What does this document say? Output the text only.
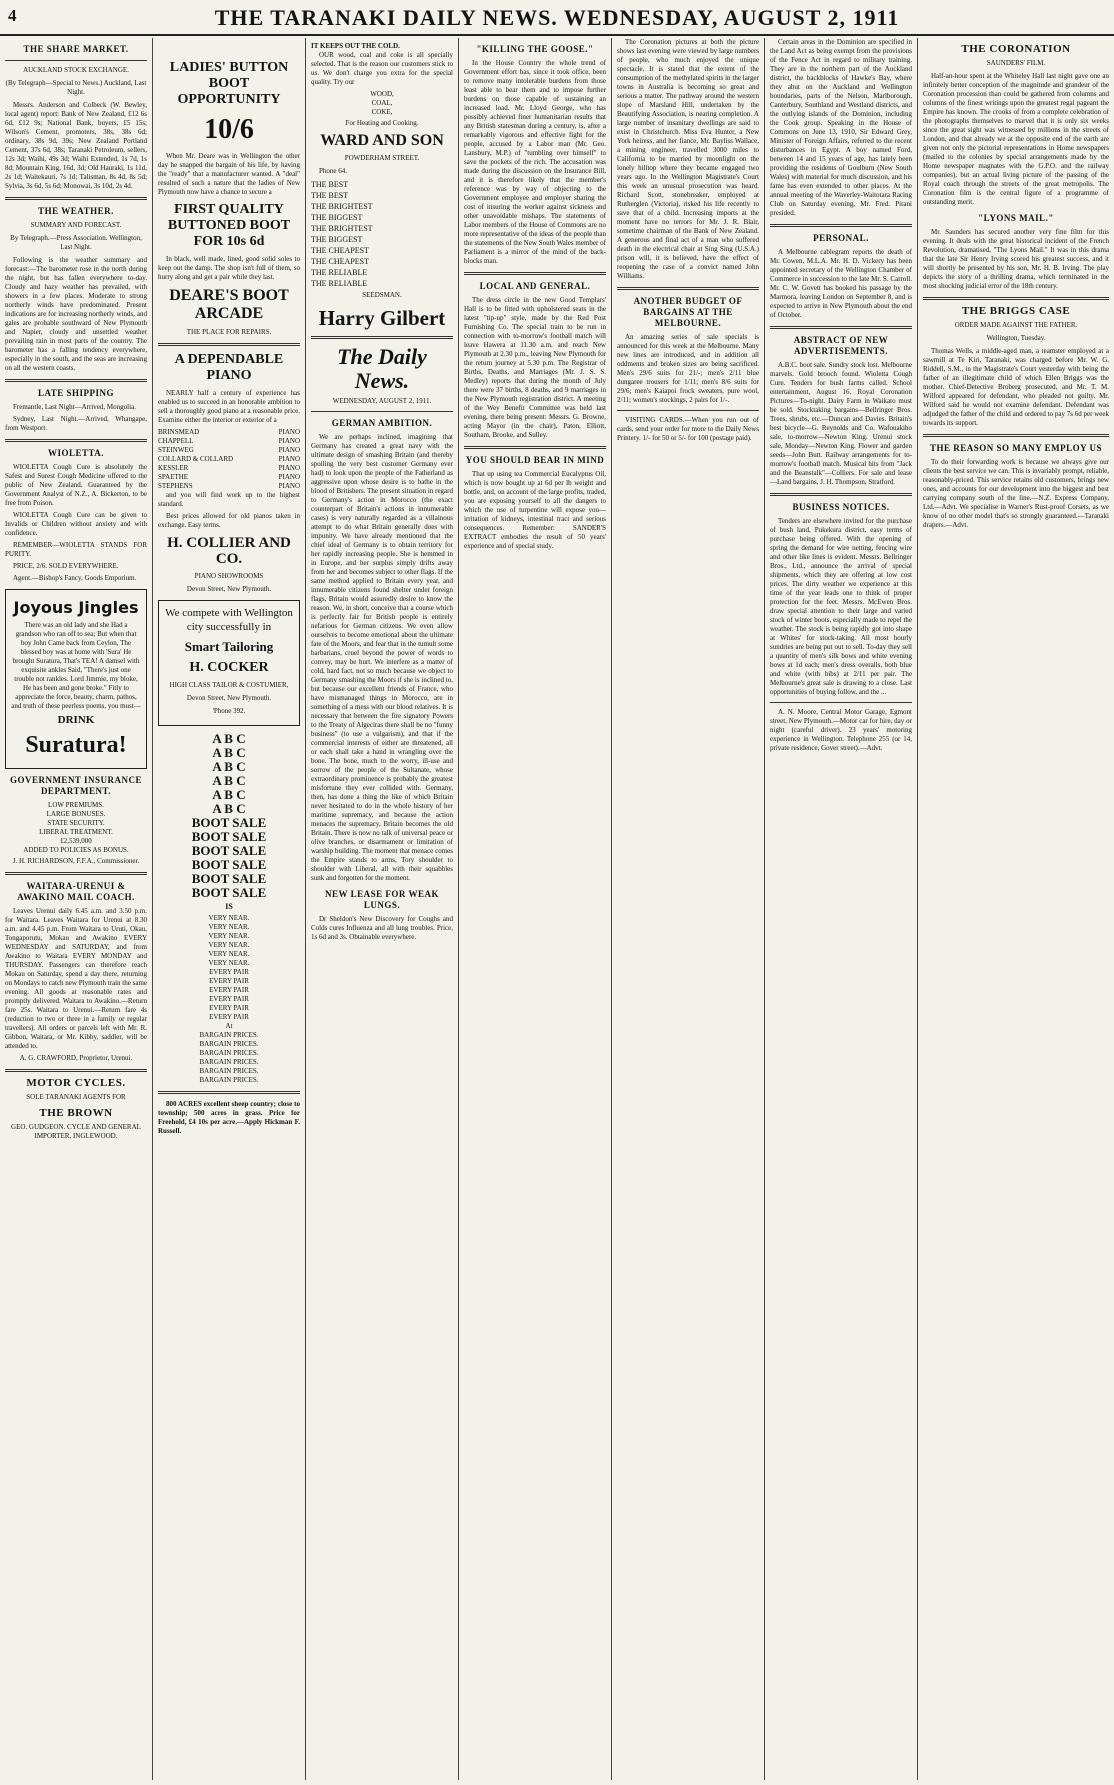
4	THE TARANAKI DAILY NEWS. WEDNESDAY, AUGUST 2, 1911
THE SHARE MARKET.
AUCKLAND STOCK EXCHANGE.
(By Telegraph—Special to News.) Auckland, Last Night.

Messrs. Anderson and Colbeck (W. Bewley, local agent) report: Bank of New Zealand, £12 6s 6d, £12 9s; National Bank, buyers, £5 15s; Wilson's Cement, promoters, 38s, 38s 6d; ordinary, 38s 9d, 39s; New Zealand Portland Cement, 37s 6d, 38s; Taranaki Petroleum, sellers, 12s 3d; Waihi, 49s 3d; Waihi Extended, 1s 7d, 1s 8d; Mountain King, 16d, 3d; Old Hauraki, 1s 11d, 2s 1d; Waitekauri, 7s 1d; Talisman, 8s 4d, 8s 5d; Sylvia, 3s 6d, 5s 6d; Monowai, 3s 10d, 2s 4d.

THE WEATHER.
SUMMARY AND FORECAST.
By Telegraph.—Press Association. Wellington, Last Night.

Following is the weather summary and forecast:—The barometer rose in the north during the night, but has fallen everywhere to-day. Cloudy and hazy weather has prevailed, with showers in a few places. Moderate to strong northerly winds have predominated. Present indications are for increasing northerly winds, and gales are probable southward of New Plymouth and Napier, cloudy and unsettled weather prevailing rain in most parts of the country. The barometer has a falling tendency everywhere, especially in the south, and the seas are increasing on all the western coasts.

LATE SHIPPING

Fremantle, Last Night—Arrived, Mongolia.

Sydney, Last Night.—Arrived, Whangape, from Westport.

WIOLETTA.

WIOLETTA Cough Cure is absolutely the Safest and Surest Cough Medicine offered to the public of New Zealand. Guaranteed by the Government Analyst of N.Z., A. Bickerton, to be free from Poison.

WIOLETTA Cough Cure can be given to Invalids or Children without anxiety and with confidence.

REMEMBER—WIOLETTA STANDS FOR PURITY.

PRICE, 2/6. SOLD EVERYWHERE.

Agent.—Bishop's Fancy, Goods Emporium.

Joyous Jingles

There was an old lady and she Had a grandson who ran off to sea; But when that boy John Came back from Ceylon, The blessed boy was at home with 'Sura' He brought Suratura, That's TEA! A damsel with exquisite ankles Said, "There's just one trouble not rankles. Lord Jimmie, my bloke, He has been and gone broke." Fitly to appreciate the force, beauty, charm, pathos, and truth of these peerless poems, you must—

DRINK
Suratura!
GOVERNMENT INSURANCE DEPARTMENT.
LOW PREMIUMS.
LARGE BONUSES.
STATE SECURITY.
LIBERAL TREATMENT.
£2,539,000
ADDED TO POLICIES AS BONUS.
J. H. RICHARDSON, F.F.A., Commissioner.
WAITARA-URENUI & AWAKINO MAIL COACH.

Leaves Urenui daily 6.45 a.m. and 3.50 p.m. for Waitara. Leaves Waitara for Urenui at 8.30 a.m. and 4.45 p.m. From Waitara to Uruti, Okau, Tongaporutu, Mokau and Awakino EVERY WEDNESDAY and SATURDAY, and from Awakino to Waitara EVERY MONDAY and THURSDAY. Passengers can therefore reach Mokau on Saturday, spend a day there, returning on Mondays to catch new Plymouth train the same evening. All goods at reasonable rates and promptly delivered. Waitara to Awakino.—Return fare 25s. Waitara to Urenui.—Return fare 4s (reduction to two or three in a family or regular travellers). All orders or parcels left with Mr. R. Gibbon, Waitara, or Mr. Kibby, saddler, will be attended to.

A. G. CRAWFORD, Proprietor, Urenui.
MOTOR CYCLES.
SOLE TARANAKI AGENTS FOR
THE BROWN
GEO. GUDGEON. CYCLE AND GENERAL IMPORTER, INGLEWOOD.
LADIES' BUTTON BOOT OPPORTUNITY
10/6

When Mr. Deare was in Wellington the other day he snapped the bargain of his life, by having the "ready" that a manufacturer wanted. A "deal" resulted of such a nature that the ladies of New Plymouth now have a chance to secure a

FIRST QUALITY BUTTONED BOOT FOR 10s 6d

In black, well made, lined, good solid soles to keep out the damp. The shop isn't full of them, so hurry along and get a pair while they last.

DEARE'S BOOT ARCADE
THE PLACE FOR REPAIRS.
A DEPENDABLE PIANO

NEARLY half a century of experience has enabled us to succeed in an honorable ambition to sell a thoroughly good piano at a reasonable price. Examine either the interior or exterior of a

BRINSMEAD	PIANO
CHAPPELL	PIANO
STEINWEG	PIANO
COLLARD & COLLARD	PIANO
KESSLER	PIANO
SPAETHE	PIANO
STEPHENS	PIANO

and you will find work up to the highest standard.

Best prices allowed for old pianos taken in exchange. Easy terms.

H. COLLIER AND CO.
PIANO SHOWROOMS
Devon Street, New Plymouth.
We compete with Wellington city successfully in
Smart Tailoring
H. COCKER
HIGH CLASS TAILOR & COSTUMIER,
Devon Street, New Plymouth.
'Phone 392.
A B C
A B C
A B C
A B C
A B C
A B C
BOOT SALE
BOOT SALE
BOOT SALE
BOOT SALE
BOOT SALE
BOOT SALE
IS
VERY NEAR.
VERY NEAR.
VERY NEAR.
VERY NEAR.
VERY NEAR.
VERY NEAR.
EVERY PAIR
EVERY PAIR
EVERY PAIR
EVERY PAIR
EVERY PAIR
EVERY PAIR
At
BARGAIN PRICES.
BARGAIN PRICES.
BARGAIN PRICES.
BARGAIN PRICES.
BARGAIN PRICES.
BARGAIN PRICES.

800 ACRES excellent sheep country; close to township; 500 acres in grass. Price for Freehold, £4 10s per acre.—Apply Hickman F. Russell.

IT KEEPS OUT THE COLD.

OUR wood, coal and coke is all specially selected. That is the reason our customers stick to us. We don't charge you extra for the special quality. Try our

WOOD,
COAL,
COKE,
For Heating and Cooking.
WARD AND SON
POWDERHAM STREET.

Phone 64.

THE BEST
THE BEST
THE BRIGHTEST
THE BIGGEST
THE BRIGHTEST
THE BIGGEST
THE CHEAPEST
THE CHEAPEST
THE RELIABLE
THE RELIABLE
SEEDSMAN.
Harry Gilbert
The Daily News.
WEDNESDAY, AUGUST 2, 1911.
GERMAN AMBITION.

We are perhaps inclined, imagining that Germany has created a great navy with the ultimate design of smashing Britain (and thereby spoiling the very best customer Germany ever had) to look upon the people of the Fatherland as aggressive upon whose desire is to bathe in the blood of Britishers. The present situation in regard to Germany's action in Morocco (the exact counterpart of Britain's actions in innumerable cases) is very naturally regarded as a villainous attempt to do what Britain generally does with impunity. We have already mentioned that the chief ideal of Germany is to obtain territory for her rapidly increasing people. She is hemmed in in Europe, and her surplus simply drifts away from her and becomes subject to other flags. If the same method applied to Britain every year, and innumerable citizens found shelter under foreign flags, Britain would assuredly desire to know the reason. We, in short, conceive that a course which is perfectly fair for British people is entirely nefarious for German citizens. We even allow ourselves to become emotional about the ultimate fate of the Moors, and fear that in the tumult some barbarians, cruel beyond the power of words to convey, may be hurt. We interfere as a matter of cold, hard fact, not so much because we object to Germany smashing the Moors if she is inclined to, but because our excellent friends of France, who have mismanaged things in Morocco, are in something of a mess with our blood relatives. It is necessary that between the fire signatory Powers to the Treaty of Algeciras there shall be no "funny business" (to use a vulgarism), and that if the commercial interests of either are threatened, all or each shall take a hand in wrangling over the bone. The bone, much to the worry, ill-use and sorrow of the people of the Sultanate, whose extraordinary prominence is probably the greatest misfortune they ever collided with. Germany, then, has done a thing the like of which Britain never hesitated to do in the whole history of her maritime supremacy, and because the action menaces the supremacy, Britain becomes the old Britain. There is now no talk of universal peace or olive branches, or disarmament or limitation of warship building. The moment that menace comes the Empire stands to arms, Tory shoulder to shoulder with Liberal, all with their squabbles sunk and forgotten for the moment.

NEW LEASE FOR WEAK LUNGS.

Dr Sheldon's New Discovery for Coughs and Colds cures Influenza and all lung troubles. Price, 1s 6d and 3s. Obtainable everywhere.

"KILLING THE GOOSE."

In the House Country the whole trend of Government effort has, since it took office, been to remove many intolerable burdens from those least able to bear them and to impose further burdens on those capable of sustaining an increased load. Mr. Lloyd George, who has possibly achieved finer humanitarian results that any British statesman during a century, is, after a remarkably vigorous and effective fight for the people, accused by a Labor man (Mr. Geo. Lansbury, M.P.) of "tumbling over himself" to save the pockets of the rich. The accusation was made during the discussion on the Insurance Bill, and it is therefore likely that the member's reference was by way of objecting to the Government employee and employer sharing the cost of insuring the worker against sickness and other unavoidable mishaps. The statements of Labor members of the House of Commons are no more representative of the ideas of the people than the statements of the New South Wales member of Parliament is a mirror of the mind of the back-blocks man.

LOCAL AND GENERAL.

The dress circle in the new Good Templars' Hall is to be fitted with upholstered seats in the latest "tip-up" style, made by the Red Post Furnishing Co. The special train to be run in connection with to-morrow's football match will leave Hawera at 11.30 a.m. and reach New Plymouth at 2.30 p.m., leaving New Plymouth for the return journey at 5.30 p.m. The Registrar of Births, Deaths, and Marriages (Mr. J. S. S. Medley) reports that during the month of July there were 37 births, 8 deaths, and 9 marriages in the New Plymouth registration district. A meeting of the Wey Benefit Committee was held last evening, there being present: Messrs. G. Browne, acting Mayor (in the chair), Paton, Elliott, Southam, Brooke, and Sulley.

YOU SHOULD BEAR IN MIND

That up using tea Commercial Eucalyptus Oil, which is now bought up at 6d per lb weight and bottle, and, on account of the large profits, traded, you are exposing yourself to all the dangers to which the use of turpentine will expose you—irritation of kidneys, intestinal tract and serious consequences. Remember: SANDER'S EXTRACT embodies the result of 50 years' experience and of special study.

The Coronation pictures at both the picture shows last evening were viewed by large numbers of people, who much enjoyed the unique spectacle. It is stated that the extent of the consumption of the methylated spirits in the larger towns in Australia is becoming so great and serious a matter. The pathway around the western slope of Marsland Hill, undertaken by the Beautifying Association, is nearing completion. A large number of insanitary dwellings are said to exist in Christchurch. Miss Eva Hunter, a New York heiress, and her fiance, Mr. Bayliss Wallace, a mining engineer, travelled 3000 miles to California to be married by moonlight on the lonely hilltop where they became engaged two years ago. In the Wellington Magistrate's Court this week an unusual prosecution was heard. Richard Scott, stonebreaker, employed at Rutherglen (Victoria), risked his life recently to save that of a child. Increasing imports at the moment have no terrors for Mr. J. R. Blair, sometime chairman of the Bank of New Zealand. A generous and final act of a man who suffered death in the electrical chair at Sing Sing (U.S.A.) prison will, it is believed, have the effect of reopening the case of a convict named John Williams.

ANOTHER BUDGET OF BARGAINS AT THE MELBOURNE.

An amazing series of sale specials is announced for this week at the Melbourne. Many new lines are introduced, and in addition all oddments and broken sizes are being sacrificed. Men's 29/6 suits for 21/-; men's 2/11 blue dungaree trousers for 1/11; men's 8/6 suits for 29/6; men's Kaiapoi frock sweaters, pure wool, 2/11; women's stockings, 2 pairs for 1/-.

VISITING CARDS.—When you run out of cards, send your order for more to the Daily News Printery. 1/- for 50 or 5/- for 100 (postage paid).

Certain areas in the Dominion are specified in the Land Act as being exempt from the provisions of the Fence Act in regard to military training. They are in the northern part of the Auckland district, the backblocks of Hawke's Bay, where they abut on the Auckland and Wellington boundaries, parts of the Nelson, Marlborough, Canterbury, Southland and Westland districts, and the outlying islands of the Dominion, including the Cook group. Speaking in the House of Commons on June 13, 1910, Sir Edward Grey, Minister of Foreign Affairs, referred to the recent disturbances in Egypt. A boy named Ford, between 14 and 15 years of age, has lately been providing the residents of Goulburn (New South Wales) with material for much discussion, and his fame has even extended to other places. At the annual meeting of the Waverley-Waitotara Racing Club on Saturday evening, Mr. Fred. Pirani presided.

PERSONAL.

A Melbourne cablegram reports the death of Mr. Cowen, M.L.A. Mr. H. D. Vickery has been appointed secretary of the Wellington Chamber of Commerce in succession to the late Mr. S. Carroll. Mr. C. W. Govett has booked his passage by the Marmora, leaving London on September 8, and is expected to arrive in New Plymouth about the end of October.

ABSTRACT OF NEW ADVERTISEMENTS.

A.B.C. boot sale. Sundry stock lost. Melbourne marvels. Gold brooch found. Wioletta Cough Cure. Tenders for bush farms called. School entertainment, August 16. Royal Coronation Pictures—To-night. Dairy Farm in Waikato must be sold. Stocktaking bargains—Bellringer Bros. Trees, shrubs, etc.—Duncan and Davies. Britain's best bicycle—G. Reynolds and Co. Wafouakiho sale, to-morrow—Newton King. Urenui stock sale, Monday—Newton King. Flower and garden seeds—John Butt. Railway arrangements for to-morrow's football match. Musical hits from "Jack and the Beanstalk"—Colliers. For sale and lease—Land bargains, J. H. Thompson, Stratford.

BUSINESS NOTICES.

Tenders are elsewhere invited for the purchase of bush land, Pukekura district, easy terms of purchase being offered. With the opening of spring the demand for wire netting, fencing wire and other like lines is evident. Messrs. Bellringer Bros., Ltd., announce the arrival of special shipments, which they are offering at low cost prices. The dirty weather we experience at this time of the year leads one to think of proper protection for the feet. Messrs. McEwen Bros. draw special attention to their large and varied stock of winter boots, especially made to repel the weather. The stock is being rapidly got into shape at Whites' for stock-taking. All most hourly sundries are being put out to sell. To-day they sell a quantity of men's silk bows and white evening bows at 1d each; men's dress overalls, both blue and white (with bibs) at 2/11 per pair. The Melbourne's great sale is drawing to a close. Last opportunities of buying follow, and the ...

A. N. Moore, Central Motor Garage, Egmont street, New Plymouth.—Motor car for hire, day or night (careful driver). 23 years' motoring experience in Wellington. Telephone 255 (or 14, private residence, Gover street).—Advt.

THE CORONATION
SAUNDERS' FILM.

Half-an-hour spent at the Whiteley Hall last night gave one an infinitely better conception of the magnitude and grandeur of the Coronation procession than could be gathered from columns and columns of the finest writings upon the greatest regal pageant the Empire has known. The crooks of from a complete celebration of the photographs themselves to marvel that it is only six weeks since the great sight was witnessed by millions in the streets of London, and that already we at the opposite end of the earth are given not only the pictorial representations in Home newspapers (mailed to the colonies by special arrangements made by the Home newspaper magnates with the G.P.O. and the railway companies), but an actual living picture of the passing of the Royal coach through the streets of the great metropolis. The Coronation film is the central figure of a programme of outstanding merit.

"LYONS MAIL."

Mr. Saunders has secured another very fine film for this evening. It deals with the great historical incident of the French Revolution, dramatised, "The Lyons Mail." It was in this drama that the late Sir Henry Irving scored his greatest success, and it will shortly be presented by his son, Mr. H. B. Irving. The play depicts the story of a thrilling drama, which terminated in the most shocking judicial error of the 18th century.

THE BRIGGS CASE
ORDER MADE AGAINST THE FATHER.
Wellington, Tuesday.

Thomas Wells, a middle-aged man, a teamster employed at a sawmill at Te Kiri, Taranaki, was charged before Mr. W. G. Riddell, S.M., in the Magistrate's Court yesterday with being the father of an illegitimate child of which Ellen Briggs was the mother. Chief-Detective Broberg prosecuted, and Mr. T. M. Wilford appeared for defendant, who pleaded not guilty. Mr. Wilford said he would not examine defendant. Defendant was adjudged the father of the child and ordered to pay 7s 6d per week towards its support.

THE REASON SO MANY EMPLOY US

To do their forwarding work is because we always give our clients the best service we can. This is invariably prompt, reliable, reasonably-priced. This service retains old customers, brings new ones, and accounts for our development into the biggest and best carrying company south of the line.—N.Z. Express Company, Ltd.—Advt. We specialise in Warner's Rust-proof Corsets, as we know of no other model that's so strongly guaranteed.—Taranaki drapers.—Advt.
